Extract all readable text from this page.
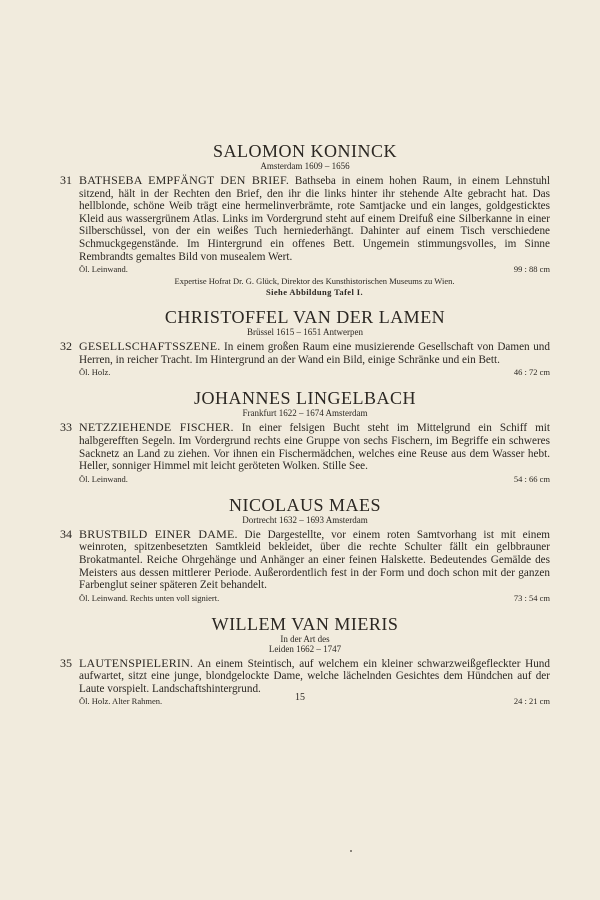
SALOMON KONINCK
Amsterdam 1609 – 1656
31 BATHSEBA EMPFÄNGT DEN BRIEF. Bathseba in einem hohen Raum, in einem Lehnstuhl sitzend, hält in der Rechten den Brief, den ihr die links hinter ihr stehende Alte gebracht hat. Das hellblonde, schöne Weib trägt eine hermelinverbrämte, rote Samtjacke und ein langes, goldgesticktes Kleid aus wassergrünem Atlas. Links im Vordergrund steht auf einem Dreifuß eine Silberkanne in einer Silberschüssel, von der ein weißes Tuch herniederhängt. Dahinter auf einem Tisch verschiedene Schmuckgegenstände. Im Hintergrund ein offenes Bett. Ungemein stimmungsvolles, im Sinne Rembrandts gemaltes Bild von musealem Wert.
Öl. Leinwand.	99 : 88 cm
Expertise Hofrat Dr. G. Glück, Direktor des Kunsthistorischen Museums zu Wien.
Siehe Abbildung Tafel I.
CHRISTOFFEL VAN DER LAMEN
Brüssel 1615 – 1651 Antwerpen
32 GESELLSCHAFTSSZENE. In einem großen Raum eine musizierende Gesellschaft von Damen und Herren, in reicher Tracht. Im Hintergrund an der Wand ein Bild, einige Schränke und ein Bett.
Öl. Holz.	46 : 72 cm
JOHANNES LINGELBACH
Frankfurt 1622 – 1674 Amsterdam
33 NETZZIEHENDE FISCHER. In einer felsigen Bucht steht im Mittelgrund ein Schiff mit halbgerefften Segeln. Im Vordergrund rechts eine Gruppe von sechs Fischern, im Begriffe ein schweres Sacknetz an Land zu ziehen. Vor ihnen ein Fischermädchen, welches eine Reuse aus dem Wasser hebt. Heller, sonniger Himmel mit leicht geröteten Wolken. Stille See.
Öl. Leinwand.	54 : 66 cm
NICOLAUS MAES
Dortrecht 1632 – 1693 Amsterdam
34 BRUSTBILD EINER DAME. Die Dargestellte, vor einem roten Samtvorhang ist mit einem weinroten, spitzenbesetzten Samtkleid bekleidet, über die rechte Schulter fällt ein gelbbrauner Brokatmantel. Reiche Ohrgehänge und Anhänger an einer feinen Halskette. Bedeutendes Gemälde des Meisters aus dessen mittlerer Periode. Außerordentlich fest in der Form und doch schon mit der ganzen Farbenglut seiner späteren Zeit behandelt.
Öl. Leinwand. Rechts unten voll signiert.	73 : 54 cm
WILLEM VAN MIERIS
In der Art des
Leiden 1662 – 1747
35 LAUTENSPIELERIN. An einem Steintisch, auf welchem ein kleiner schwarzweißgefleckter Hund aufwartet, sitzt eine junge, blondgelockte Dame, welche lächelnden Gesichtes dem Hündchen auf der Laute vorspielt. Landschaftshintergrund.
Öl. Holz. Alter Rahmen.	24 : 21 cm
15
